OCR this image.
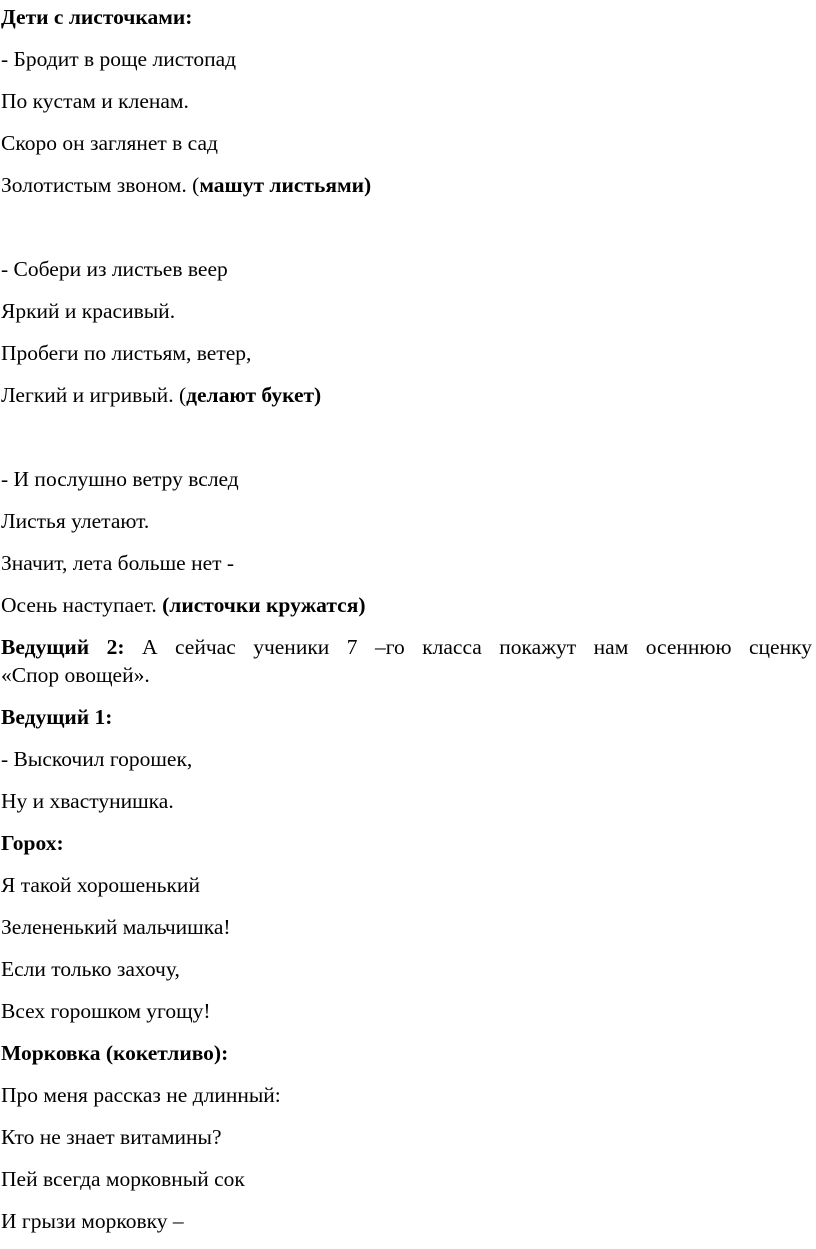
Дети с листочками:
- Бродит в роще листопад
По кустам и кленам.
Скоро он заглянет в сад
Золотистым звоном. (машут листьями)
- Собери из листьев веер
Яркий и красивый.
Пробеги по листьям, ветер,
Легкий и игривый. (делают букет)
- И послушно ветру вслед
Листья улетают.
Значит, лета больше нет -
Осень наступает. (листочки кружатся)
Ведущий 2: А сейчас ученики 7 –го класса покажут нам осеннюю сценку
«Спор овощей».
Ведущий 1:
- Выскочил горошек,
Ну и хвастунишка.
Горох:
Я такой хорошенький
Зелененький мальчишка!
Если только захочу,
Всех горошком угощу!
Морковка (кокетливо):
Про меня рассказ не длинный:
Кто не знает витамины?
Пей всегда морковный сок
И грызи морковку –
